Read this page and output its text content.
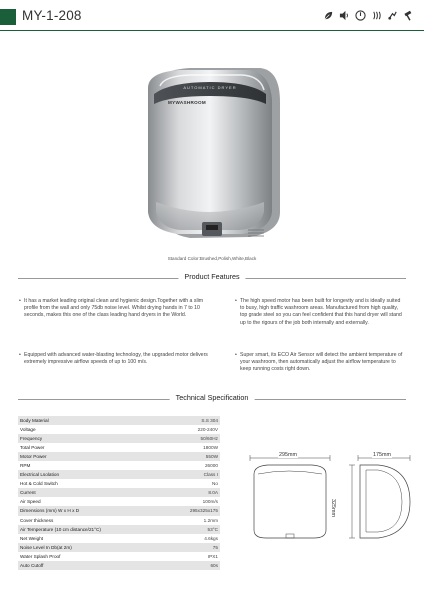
MY-1-208
AUTOMATIC DRYER
MYWASHROOM
Standard Color:Brushed,Polish,White,Black
Product Features
• It has a market leading original clean and hygienic design.Together with a slim profile from the wall and only 75db noise level. Whilst drying hands in 7 to 10 seconds, makes this one of the class leading hand dryers in the World.
• The high speed motor has been built for longevity and is ideally suited to busy, high traffic washroom areas. Manufactured from high quality, top grade steel so you can feel confident that this hand dryer will stand up to the rigours of the job both internally and externally.
• Equipped with advanced water-blasting technology, the upgraded motor delivers extremely impressive airflow speeds of up to 100 m/s.
• Super smart, its ECO Air Sensor will detect the ambient temperature of your washroom, then automatically adjust the airflow temperature to keep running costs right down.
Technical Specification
Body Material	S.S 304
Voltage	220-240V
Frequency	50/60Hz
Total Power	1800W
Motor Power	550W
RPM	26000
Electrical Lsolation	Class I
Hot & Cold Switch	No
Current	8.0A
Air Speed	100m/s
Dimensions (mm) W x H x D	295x325x175
Cover thickness	1.2mm
Air Temperature (10 cm distance/21°C)	53°C
Net Weight	4.6kgs
Noise Level In Db(at 2m)	75
Water Splash Proof	IPX1
Auto Cutoff	60s
295mm	175mm
325mm
